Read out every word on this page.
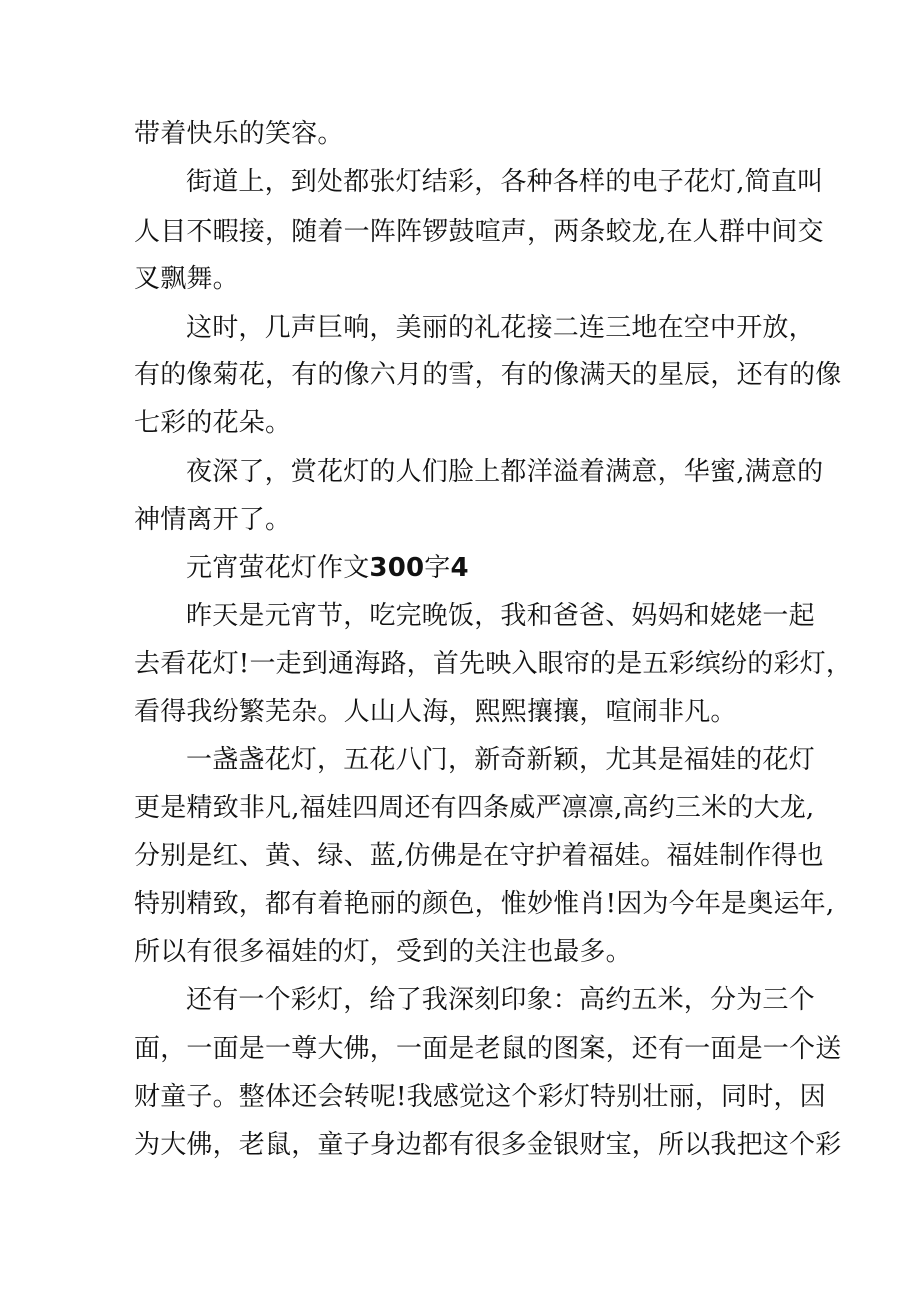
带着快乐的笑容。
街道上，到处都张灯结彩，各种各样的电子花灯,简直叫
人目不暇接，随着一阵阵锣鼓喧声，两条蛟龙,在人群中间交
叉飘舞。
这时，几声巨响，美丽的礼花接二连三地在空中开放，
有的像菊花，有的像六月的雪，有的像满天的星辰，还有的像
七彩的花朵。
夜深了，赏花灯的人们脸上都洋溢着满意，华蜜,满意的
神情离开了。
元宵萤花灯作文300字4
昨天是元宵节，吃完晚饭，我和爸爸、妈妈和姥姥一起
去看花灯!一走到通海路，首先映入眼帘的是五彩缤纷的彩灯，
看得我纷繁芜杂。人山人海，熙熙攘攘，喧闹非凡。
一盏盏花灯，五花八门，新奇新颖，尤其是福娃的花灯
更是精致非凡,福娃四周还有四条威严凛凛,高约三米的大龙,
分别是红、黄、绿、蓝,仿佛是在守护着福娃。福娃制作得也
特别精致，都有着艳丽的颜色，惟妙惟肖!因为今年是奥运年,
所以有很多福娃的灯，受到的关注也最多。
还有一个彩灯，给了我深刻印象：高约五米，分为三个
面，一面是一尊大佛，一面是老鼠的图案，还有一面是一个送
财童子。整体还会转呢!我感觉这个彩灯特别壮丽，同时，因
为大佛，老鼠，童子身边都有很多金银财宝，所以我把这个彩
